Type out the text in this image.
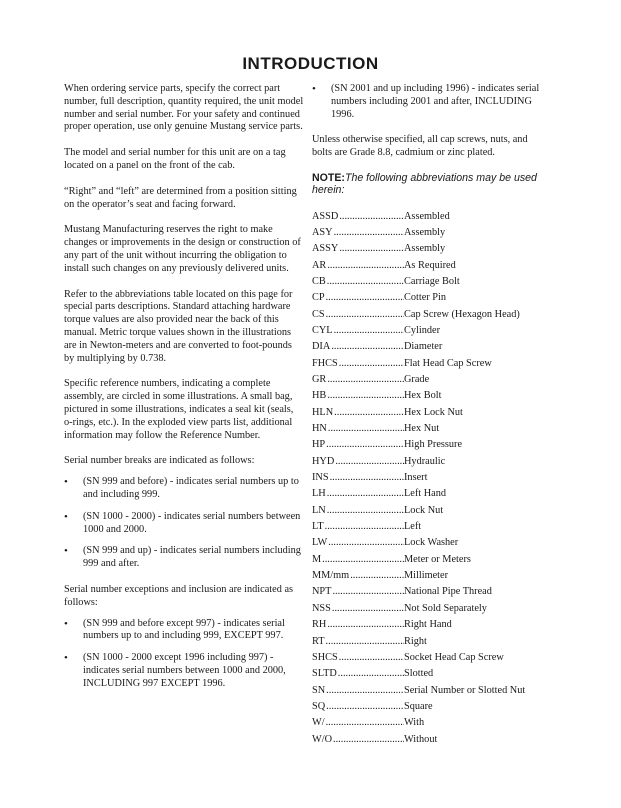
INTRODUCTION

When ordering service parts, specify the correct part number, full description, quantity required, the unit model number and serial number. For your safety and continued proper operation, use only genuine Mustang service parts.

The model and serial number for this unit are on a tag located on a panel on the front of the cab.

“Right” and “left” are determined from a position sitting on the operator’s seat and facing forward.

Mustang Manufacturing reserves the right to make changes or improvements in the design or construction of any part of the unit without incurring the obligation to install such changes on any previously delivered units.

Refer to the abbreviations table located on this page for special parts descriptions. Standard attaching hardware torque values are also provided near the back of this manual. Metric torque values shown in the illustrations are in Newton-meters and are converted to foot-pounds by multiplying by 0.738.

Specific reference numbers, indicating a complete assembly, are circled in some illustrations. A small bag, pictured in some illustrations, indicates a seal kit (seals, o-rings, etc.). In the exploded view parts list, additional information may follow the Reference Number.

Serial number breaks are indicated as follows:

• (SN 999 and before) - indicates serial numbers up to and including 999.
• (SN 1000 - 2000) - indicates serial numbers between 1000 and 2000.
• (SN 999 and up) - indicates serial numbers including 999 and after.

Serial number exceptions and inclusion are indicated as follows:

• (SN 999 and before except 997) - indicates serial numbers up to and including 999, EXCEPT 997.
• (SN 1000 - 2000 except 1996 including 997) - indicates serial numbers between 1000 and 2000, INCLUDING 997 EXCEPT 1996.
• (SN 2001 and up including 1996) - indicates serial numbers including 2001 and after, INCLUDING 1996.

Unless otherwise specified, all cap screws, nuts, and bolts are Grade 8.8, cadmium or zinc plated.

NOTE:The following abbreviations may be used herein:

ASSD .....	Assembled

ASY .....	Assembly

ASSY .....	Assembly

AR .....	As Required

CB .....	Carriage Bolt

CP .....	Cotter Pin

CS .....	Cap Screw (Hexagon Head)

CYL .....	Cylinder

DIA .....	Diameter

FHCS .....	Flat Head Cap Screw

GR .....	Grade

HB .....	Hex Bolt

HLN .....	Hex Lock Nut

HN .....	Hex Nut

HP .....	High Pressure

HYD .....	Hydraulic

INS .....	Insert

LH .....	Left Hand

LN .....	Lock Nut

LT .....	Left

LW .....	Lock Washer

M .....	Meter or Meters

MM/mm .....	Millimeter

NPT .....	National Pipe Thread

NSS .....	Not Sold Separately

RH .....	Right Hand

RT .....	Right

SHCS .....	Socket Head Cap Screw

SLTD .....	Slotted

SN .....	Serial Number or Slotted Nut

SQ .....	Square

W/ .....	With

W/O .....	Without
